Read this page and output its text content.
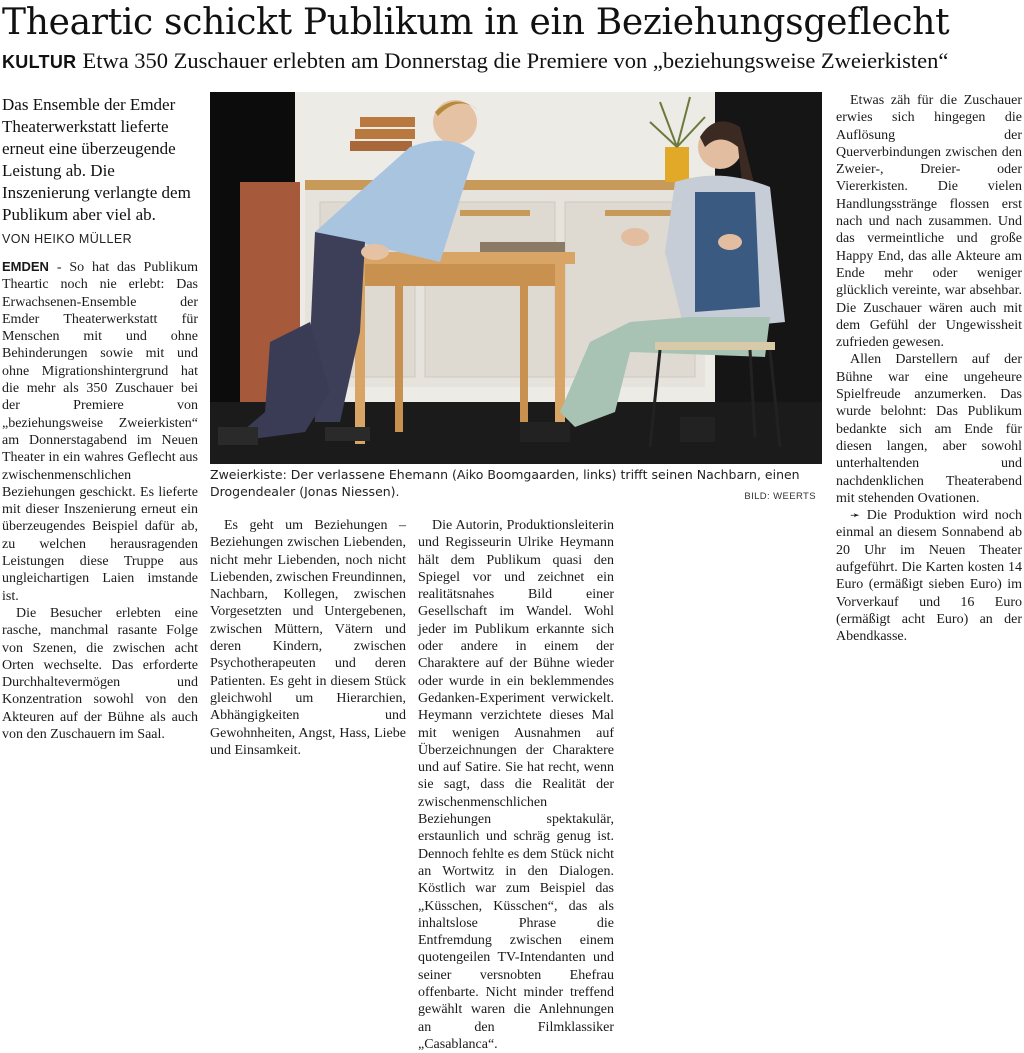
Theartic schickt Publikum in ein Beziehungsgeflecht
KULTUR Etwa 350 Zuschauer erlebten am Donnerstag die Premiere von „beziehungsweise Zweierkisten“
Das Ensemble der Emder Theaterwerkstatt lieferte erneut eine überzeugende Leistung ab. Die Inszenierung verlangte dem Publikum aber viel ab.
VON HEIKO MÜLLER

EMDEN - So hat das Publikum Theartic noch nie erlebt: Das Erwachsenen-Ensemble der Emder Theaterwerkstatt für Menschen mit und ohne Behinderungen sowie mit und ohne Migrationshintergrund hat die mehr als 350 Zuschauer bei der Premiere von „beziehungsweise Zweierkisten“ am Donnerstagabend im Neuen Theater in ein wahres Geflecht aus zwischenmenschlichen Beziehungen geschickt. Es lieferte mit dieser Inszenierung erneut ein überzeugendes Beispiel dafür ab, zu welchen herausragenden Leistungen diese Truppe aus ungleichartigen Laien imstande ist.

Die Besucher erlebten eine rasche, manchmal rasante Folge von Szenen, die zwischen acht Orten wechselte. Das erforderte Durchhaltevermögen und Konzentration sowohl von den Akteuren auf der Bühne als auch von den Zuschauern im Saal.

Zweierkiste: Der verlassene Ehemann (Aiko Boomgaarden, links) trifft seinen Nachbarn, einen Drogendealer (Jonas Niessen).	BILD: WEERTS

Es geht um Beziehungen – Beziehungen zwischen Liebenden, nicht mehr Liebenden, noch nicht Liebenden, zwischen Freundinnen, Nachbarn, Kollegen, zwischen Vorgesetzten und Untergebenen, zwischen Müttern, Vätern und deren Kindern, zwischen Psychotherapeuten und deren Patienten. Es geht in diesem Stück gleichwohl um Hierarchien, Abhängigkeiten und Gewohnheiten, Angst, Hass, Liebe und Einsamkeit.

Die Autorin, Produktionsleiterin und Regisseurin Ulrike Heymann hält dem Publikum quasi den Spiegel vor und zeichnet ein realitätsnahes Bild einer Gesellschaft im Wandel. Wohl jeder im Publikum erkannte sich oder andere in einem der Charaktere auf der Bühne wieder oder wurde in ein beklemmendes Gedanken-Experiment verwickelt. Heymann verzichtete dieses Mal mit wenigen Ausnahmen auf Überzeichnungen der Charaktere und auf Satire. Sie hat recht, wenn sie sagt, dass die Realität der zwischenmenschlichen Beziehungen spektakulär, erstaunlich und schräg genug ist. Dennoch fehlte es dem Stück nicht an Wortwitz in den Dialogen. Köstlich war zum Beispiel das „Küsschen, Küsschen“, das als inhaltslose Phrase die Entfremdung zwischen einem quotengeilen TV-Intendanten und seiner versnobten Ehefrau offenbarte. Nicht minder treffend gewählt waren die Anlehnungen an den Filmklassiker „Casablanca“.

Etwas zäh für die Zuschauer erwies sich hingegen die Auflösung der Querverbindungen zwischen den Zweier-, Dreier- oder Viererkisten. Die vielen Handlungsstränge flossen erst nach und nach zusammen. Und das vermeintliche und große Happy End, das alle Akteure am Ende mehr oder weniger glücklich vereinte, war absehbar. Die Zuschauer wären auch mit dem Gefühl der Ungewissheit zufrieden gewesen.

Allen Darstellern auf der Bühne war eine ungeheure Spielfreude anzumerken. Das wurde belohnt: Das Publikum bedankte sich am Ende für diesen langen, aber sowohl unterhaltenden und nachdenklichen Theaterabend mit stehenden Ovationen.

➛ Die Produktion wird noch einmal an diesem Sonnabend ab 20 Uhr im Neuen Theater aufgeführt. Die Karten kosten 14 Euro (ermäßigt sieben Euro) im Vorverkauf und 16 Euro (ermäßigt acht Euro) an der Abendkasse.
